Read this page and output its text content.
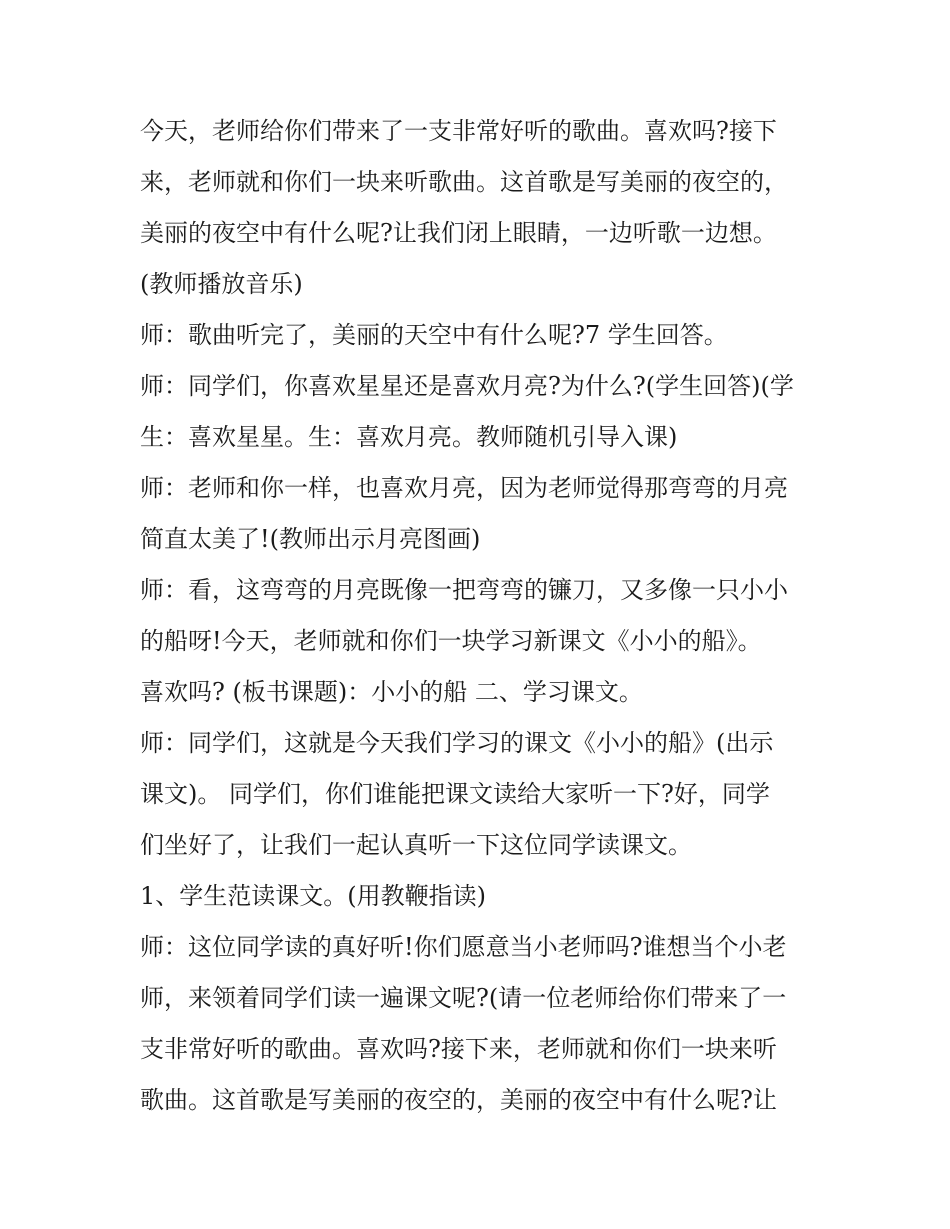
今天，老师给你们带来了一支非常好听的歌曲。喜欢吗?接下
来，老师就和你们一块来听歌曲。这首歌是写美丽的夜空的，
美丽的夜空中有什么呢?让我们闭上眼睛，一边听歌一边想。
(教师播放音乐)
师：歌曲听完了，美丽的天空中有什么呢?7 学生回答。
师：同学们，你喜欢星星还是喜欢月亮?为什么?(学生回答)(学
生：喜欢星星。生：喜欢月亮。教师随机引导入课)
师：老师和你一样，也喜欢月亮，因为老师觉得那弯弯的月亮
简直太美了!(教师出示月亮图画)
师：看，这弯弯的月亮既像一把弯弯的镰刀，又多像一只小小
的船呀!今天，老师就和你们一块学习新课文《小小的船》。
喜欢吗? (板书课题)：小小的船 二、学习课文。
师：同学们，这就是今天我们学习的课文《小小的船》(出示
课文)。 同学们，你们谁能把课文读给大家听一下?好，同学
们坐好了，让我们一起认真听一下这位同学读课文。
1、学生范读课文。(用教鞭指读)
师：这位同学读的真好听!你们愿意当小老师吗?谁想当个小老
师，来领着同学们读一遍课文呢?(请一位老师给你们带来了一
支非常好听的歌曲。喜欢吗?接下来，老师就和你们一块来听
歌曲。这首歌是写美丽的夜空的，美丽的夜空中有什么呢?让
